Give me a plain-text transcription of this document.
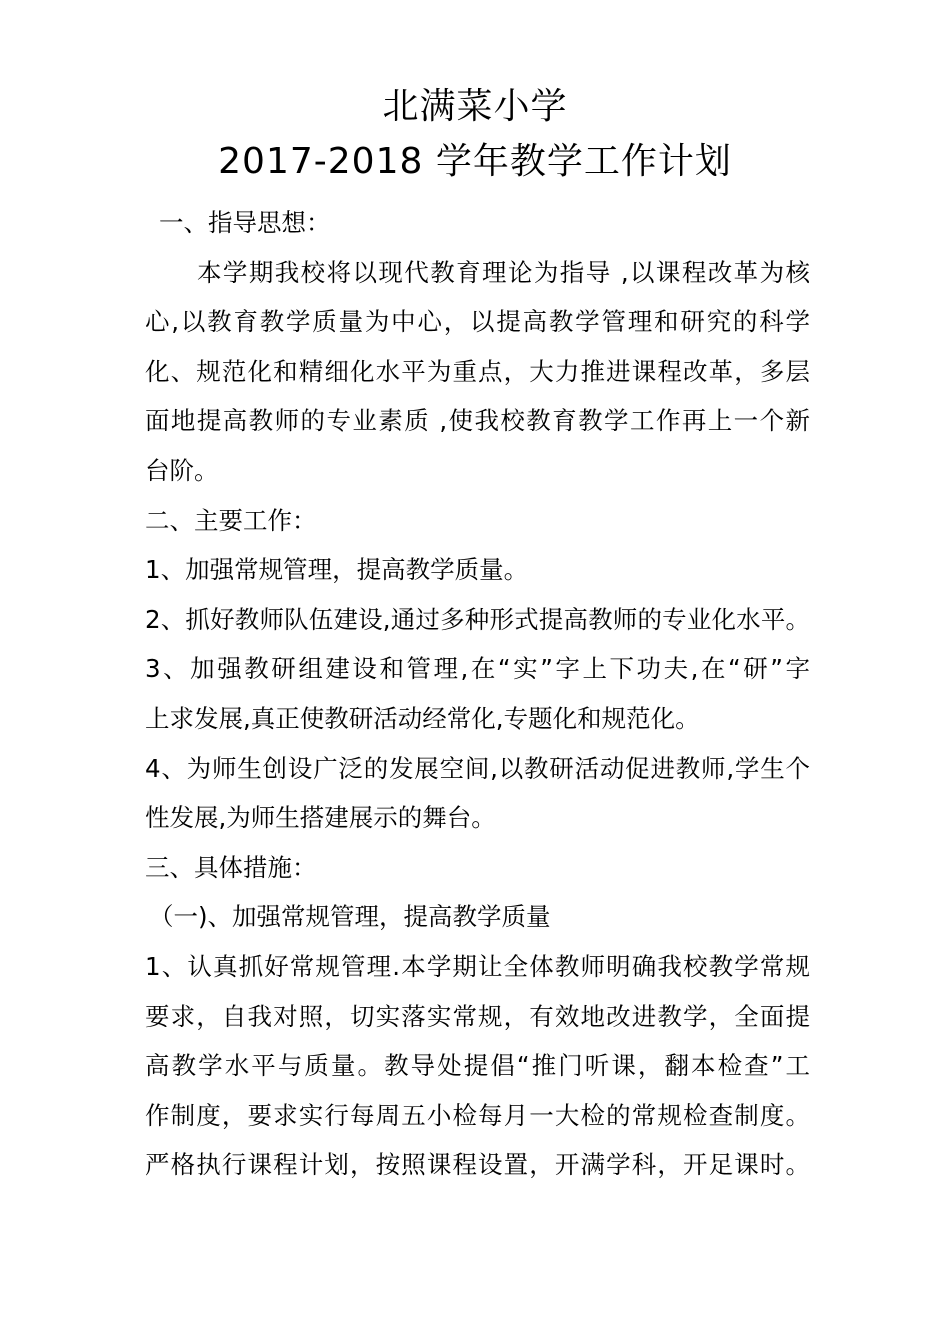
北满菜小学
2017-2018 学年教学工作计划
一、指导思想：
本学期我校将以现代教育理论为指导 ,以课程改革为核
心,以教育教学质量为中心，以提高教学管理和研究的科学
化、规范化和精细化水平为重点，大力推进课程改革，多层
面地提高教师的专业素质 ,使我校教育教学工作再上一个新
台阶。
二、主要工作：
1、加强常规管理，提高教学质量。
2、抓好教师队伍建设,通过多种形式提高教师的专业化水平。
3、加强教研组建设和管理,在“实”字上下功夫,在“研”字
上求发展,真正使教研活动经常化,专题化和规范化。
4、为师生创设广泛的发展空间,以教研活动促进教师,学生个
性发展,为师生搭建展示的舞台。
三、具体措施：
（一)、加强常规管理，提高教学质量
1、认真抓好常规管理.本学期让全体教师明确我校教学常规
要求，自我对照，切实落实常规，有效地改进教学，全面提
高教学水平与质量。教导处提倡“推门听课，翻本检查”工
作制度，要求实行每周五小检每月一大检的常规检查制度。
严格执行课程计划，按照课程设置，开满学科，开足课时。
